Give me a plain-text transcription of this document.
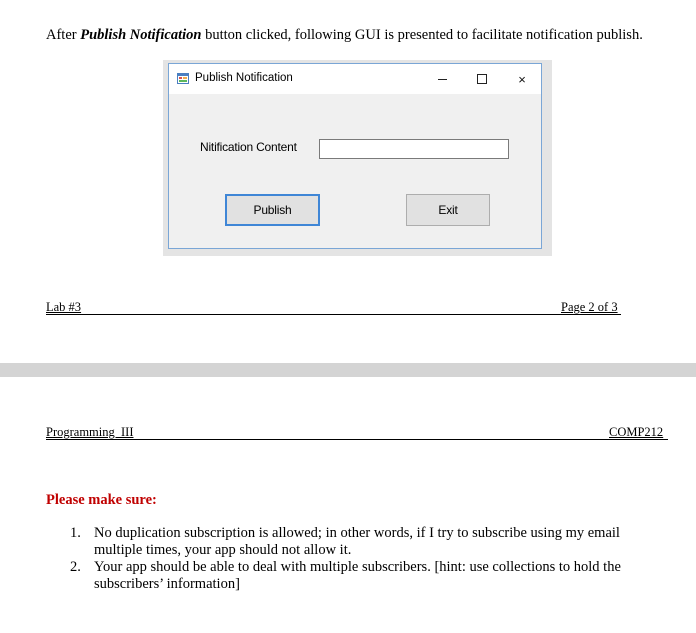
After Publish Notification button clicked, following GUI is presented to facilitate notification publish.
Publish Notification	×
Nitification Content
Publish	Exit
Lab #3	Page 2 of 3
Programming  III	COMP212
Please make sure:
1. No duplication subscription is allowed; in other words, if I try to subscribe using my email multiple times, your app should not allow it.
2. Your app should be able to deal with multiple subscribers. [hint: use collections to hold the subscribers’ information]
